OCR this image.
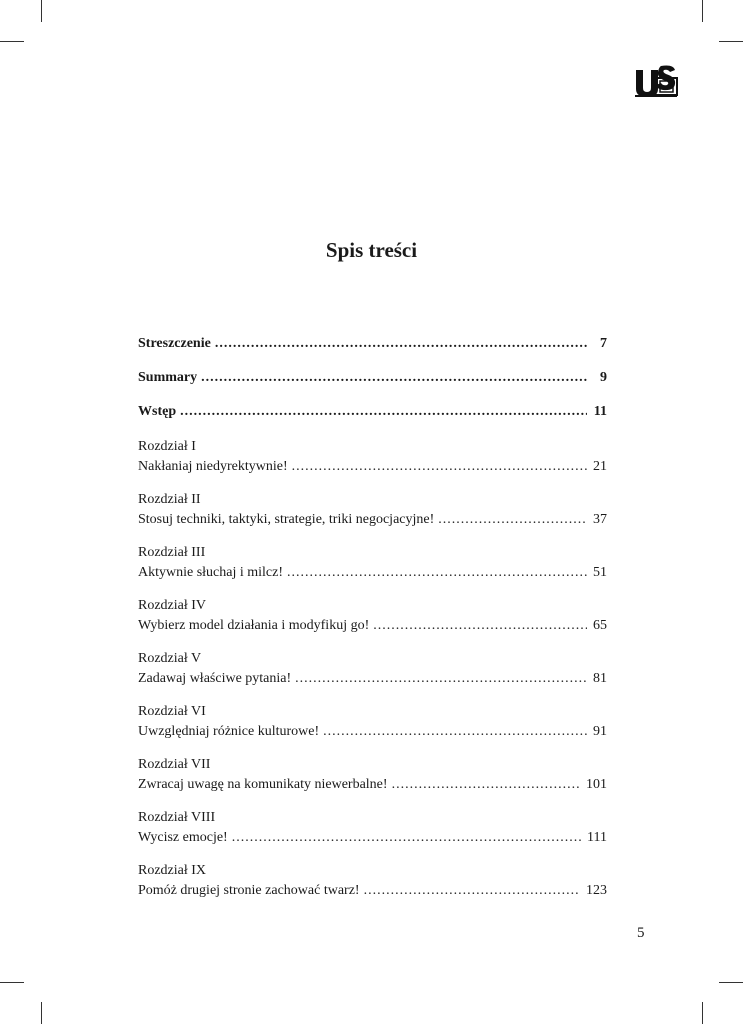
Spis treści
Streszczenie .....	7
Summary .....	9
Wstęp .....	11
Rozdział I
Nakłaniaj niedyrektywnie! .....	21
Rozdział II
Stosuj techniki, taktyki, strategie, triki negocjacyjne! .....	37
Rozdział III
Aktywnie słuchaj i milcz! .....	51
Rozdział IV
Wybierz model działania i modyfikuj go! .....	65
Rozdział V
Zadawaj właściwe pytania! .....	81
Rozdział VI
Uwzględniaj różnice kulturowe! .....	91
Rozdział VII
Zwracaj uwagę na komunikaty niewerbalne! .....	101
Rozdział VIII
Wycisz emocje! .....	111
Rozdział IX
Pomóż drugiej stronie zachować twarz! .....	123
5
